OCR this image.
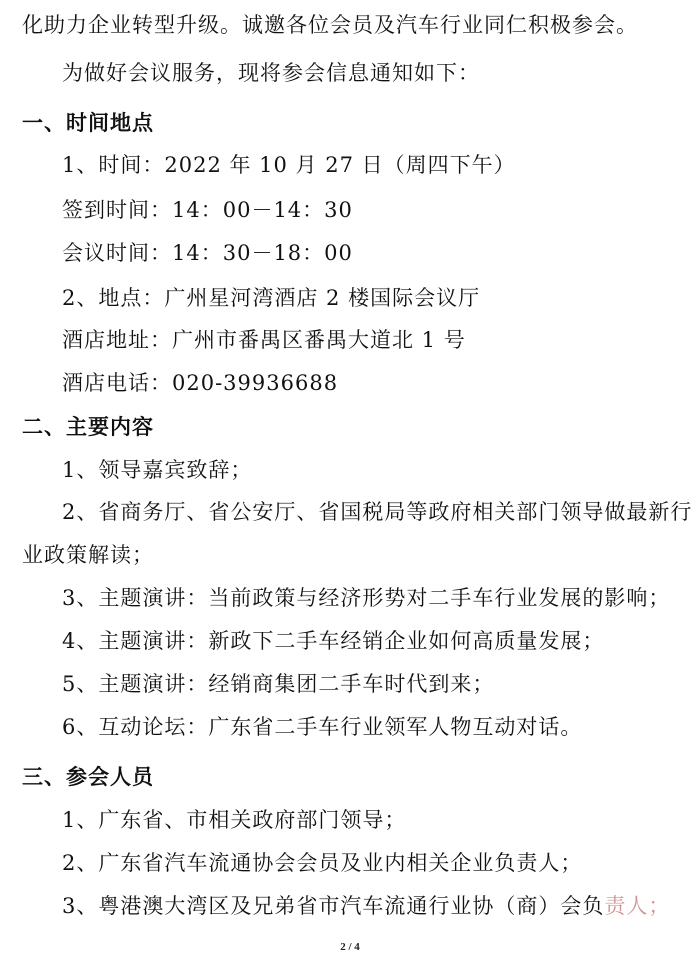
化助力企业转型升级。诚邀各位会员及汽车行业同仁积极参会。
为做好会议服务，现将参会信息通知如下：
一、时间地点
1、时间：2022 年 10 月 27 日（周四下午）
签到时间：14：00－14：30
会议时间：14：30－18：00
2、地点：广州星河湾酒店 2 楼国际会议厅
酒店地址：广州市番禺区番禺大道北 1 号
酒店电话：020-39936688
二、主要内容
1、领导嘉宾致辞；
2、省商务厅、省公安厅、省国税局等政府相关部门领导做最新行
业政策解读；
3、主题演讲：当前政策与经济形势对二手车行业发展的影响；
4、主题演讲：新政下二手车经销企业如何高质量发展；
5、主题演讲：经销商集团二手车时代到来；
6、互动论坛：广东省二手车行业领军人物互动对话。
三、参会人员
1、广东省、市相关政府部门领导；
2、广东省汽车流通协会会员及业内相关企业负责人；
3、粤港澳大湾区及兄弟省市汽车流通行业协（商）会负责人；
2 / 4
